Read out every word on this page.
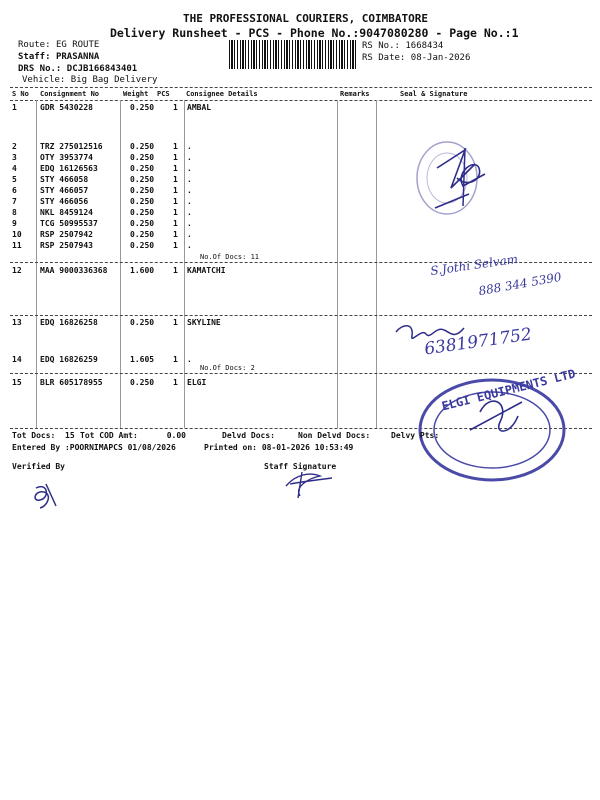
THE PROFESSIONAL COURIERS, COIMBATORE
Delivery Runsheet - PCS - Phone No.:9047080280 - Page No.:1
Route: EG ROUTE
Staff: PRASANNA
DRS No.: DCJB166843401
Vehicle: Big Bag Delivery
RS No.: 1668434
RS Date: 08-Jan-2026
S No Consignment No	Weight PCS Consignee Details	Remarks	Seal & Signature
1	GDR 5430228	0.250 1 AMBAL
2	TRZ 275012516	0.250 1 .
3	OTY 3953774	0.250 1 .
4	EDQ 16126563	0.250 1 .
5	STY 466058	0.250 1 .
6	STY 466057	0.250 1 .
7	STY 466056	0.250 1 .
8	NKL 8459124	0.250 1 .
9	TCG 50995537	0.250 1 .
10 RSP 2507942	0.250 1 .
11 RSP 2507943	0.250 1 .
12 MAA 9000336368	1.600 1 KAMATCHI
13 EDQ 16826258	0.250 1 SKYLINE
14 EDQ 16826259	1.605 1 .
15 BLR 605178955	0.250 1 ELGI
No.Of Docs: 11
No.Of Docs: 2
S.Jothi Selvam
888 344 5390
6381971752
ELGI EQUIPMENTS LTD
Tot Docs: 15 Tot COD Amt:	0.00	Delvd Docs:	Non Delvd Docs:	Delvy Pts:
Entered By :POORNIMAPCS 01/08/2026	Printed on: 08-01-2026 10:53:49
Verified By	Staff Signature
